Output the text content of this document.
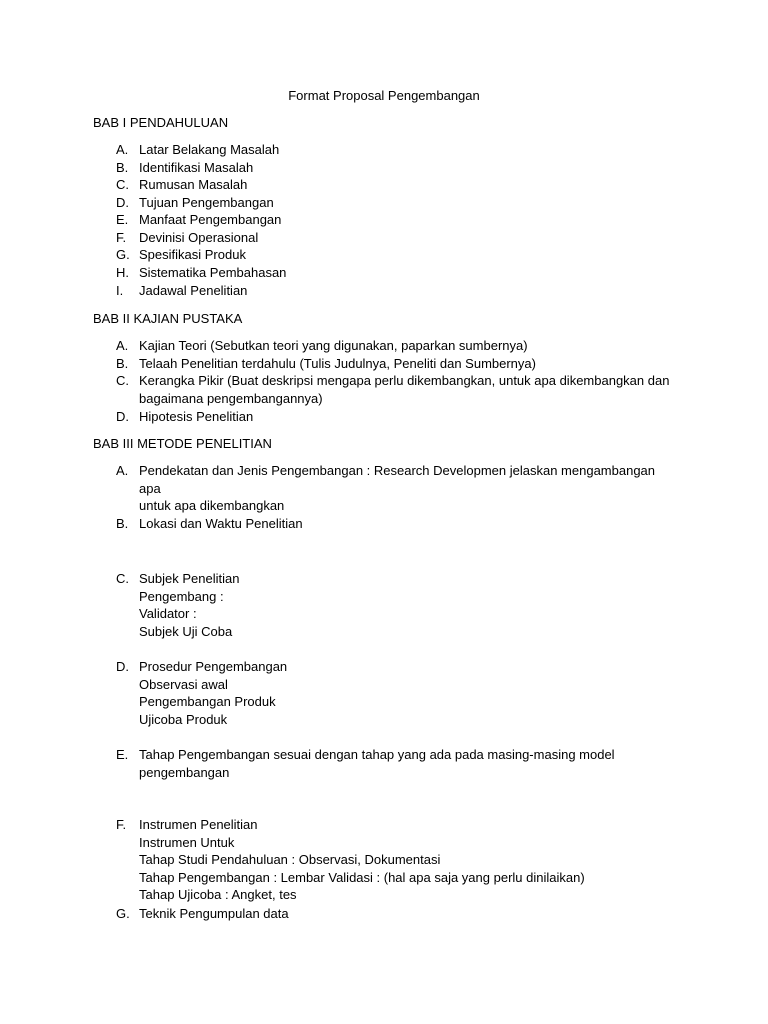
Format Proposal Pengembangan
BAB I PENDAHULUAN
A. Latar Belakang Masalah
B. Identifikasi Masalah
C. Rumusan Masalah
D. Tujuan Pengembangan
E. Manfaat Pengembangan
F. Devinisi Operasional
G. Spesifikasi Produk
H. Sistematika Pembahasan
I. Jadawal Penelitian
BAB II KAJIAN PUSTAKA
A. Kajian Teori (Sebutkan teori yang digunakan, paparkan sumbernya)
B. Telaah Penelitian terdahulu (Tulis Judulnya, Peneliti dan Sumbernya)
C. Kerangka Pikir (Buat deskripsi mengapa perlu dikembangkan, untuk apa dikembangkan dan
bagaimana pengembangannya)
D. Hipotesis Penelitian
BAB III METODE PENELITIAN
A. Pendekatan dan Jenis Pengembangan : Research Developmen jelaskan mengambangan apa
untuk apa dikembangkan
B. Lokasi dan Waktu Penelitian
C. Subjek Penelitian
Pengembang :
Validator :
Subjek Uji Coba
D. Prosedur Pengembangan
Observasi awal
Pengembangan Produk
Ujicoba Produk
E. Tahap Pengembangan sesuai dengan tahap yang ada pada masing-masing model
pengembangan
F. Instrumen Penelitian
Instrumen Untuk
Tahap Studi Pendahuluan : Observasi, Dokumentasi
Tahap Pengembangan : Lembar Validasi : (hal apa saja yang perlu dinilaikan)
Tahap Ujicoba : Angket, tes
G. Teknik Pengumpulan data
